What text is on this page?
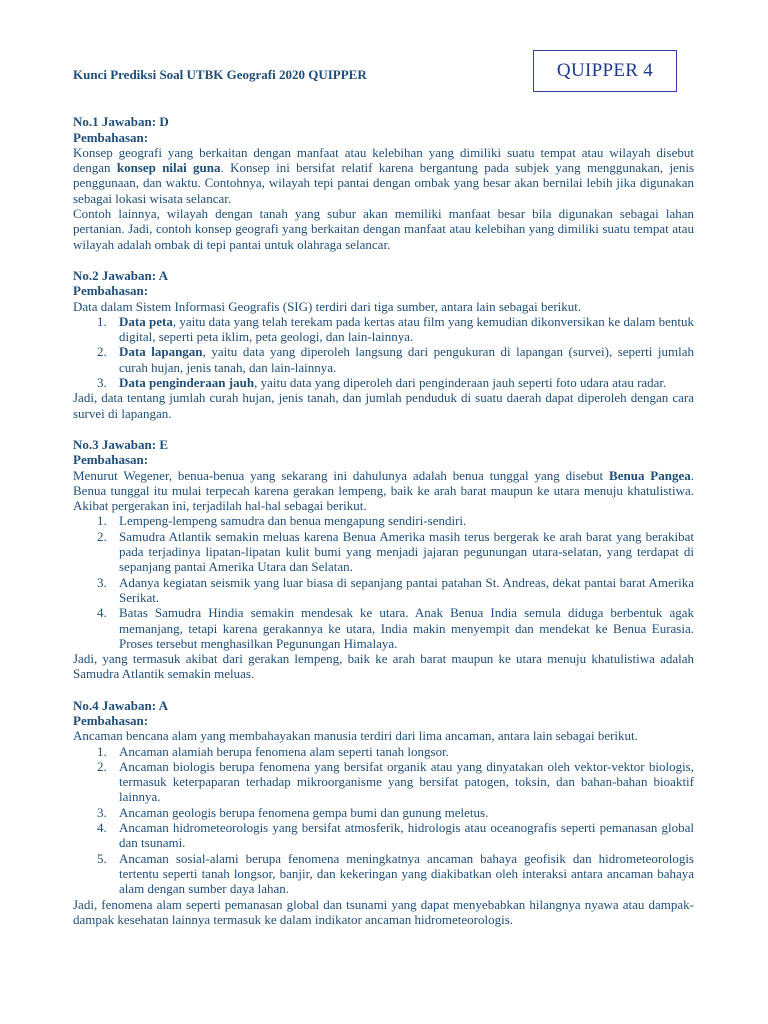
QUIPPER 4

Kunci Prediksi Soal UTBK Geografi 2020 QUIPPER

No.1 Jawaban: D

Pembahasan:

Konsep geografi yang berkaitan dengan manfaat atau kelebihan yang dimiliki suatu tempat atau wilayah disebut dengan konsep nilai guna. Konsep ini bersifat relatif karena bergantung pada subjek yang menggunakan, jenis penggunaan, dan waktu. Contohnya, wilayah tepi pantai dengan ombak yang besar akan bernilai lebih jika digunakan sebagai lokasi wisata selancar.

Contoh lainnya, wilayah dengan tanah yang subur akan memiliki manfaat besar bila digunakan sebagai lahan pertanian. Jadi, contoh konsep geografi yang berkaitan dengan manfaat atau kelebihan yang dimiliki suatu tempat atau wilayah adalah ombak di tepi pantai untuk olahraga selancar.

No.2 Jawaban: A

Pembahasan:

Data dalam Sistem Informasi Geografis (SIG) terdiri dari tiga sumber, antara lain sebagai berikut.

1. Data peta, yaitu data yang telah terekam pada kertas atau film yang kemudian dikonversikan ke dalam bentuk digital, seperti peta iklim, peta geologi, dan lain-lainnya.
2. Data lapangan, yaitu data yang diperoleh langsung dari pengukuran di lapangan (survei), seperti jumlah curah hujan, jenis tanah, dan lain-lainnya.
3. Data penginderaan jauh, yaitu data yang diperoleh dari penginderaan jauh seperti foto udara atau radar.

Jadi, data tentang jumlah curah hujan, jenis tanah, dan jumlah penduduk di suatu daerah dapat diperoleh dengan cara survei di lapangan.

No.3 Jawaban: E

Pembahasan:

Menurut Wegener, benua-benua yang sekarang ini dahulunya adalah benua tunggal yang disebut Benua Pangea. Benua tunggal itu mulai terpecah karena gerakan lempeng, baik ke arah barat maupun ke utara menuju khatulistiwa. Akibat pergerakan ini, terjadilah hal-hal sebagai berikut.

1. Lempeng-lempeng samudra dan benua mengapung sendiri-sendiri.
2. Samudra Atlantik semakin meluas karena Benua Amerika masih terus bergerak ke arah barat yang berakibat pada terjadinya lipatan-lipatan kulit bumi yang menjadi jajaran pegunungan utara-selatan, yang terdapat di sepanjang pantai Amerika Utara dan Selatan.
3. Adanya kegiatan seismik yang luar biasa di sepanjang pantai patahan St. Andreas, dekat pantai barat Amerika Serikat.
4. Batas Samudra Hindia semakin mendesak ke utara. Anak Benua India semula diduga berbentuk agak memanjang, tetapi karena gerakannya ke utara, India makin menyempit dan mendekat ke Benua Eurasia. Proses tersebut menghasilkan Pegunungan Himalaya.

Jadi, yang termasuk akibat dari gerakan lempeng, baik ke arah barat maupun ke utara menuju khatulistiwa adalah Samudra Atlantik semakin meluas.

No.4 Jawaban: A

Pembahasan:

Ancaman bencana alam yang membahayakan manusia terdiri dari lima ancaman, antara lain sebagai berikut.

1. Ancaman alamiah berupa fenomena alam seperti tanah longsor.
2. Ancaman biologis berupa fenomena yang bersifat organik atau yang dinyatakan oleh vektor-vektor biologis, termasuk keterpaparan terhadap mikroorganisme yang bersifat patogen, toksin, dan bahan-bahan bioaktif lainnya.
3. Ancaman geologis berupa fenomena gempa bumi dan gunung meletus.
4. Ancaman hidrometeorologis yang bersifat atmosferik, hidrologis atau oceanografis seperti pemanasan global dan tsunami.
5. Ancaman sosial-alami berupa fenomena meningkatnya ancaman bahaya geofisik dan hidrometeorologis tertentu seperti tanah longsor, banjir, dan kekeringan yang diakibatkan oleh interaksi antara ancaman bahaya alam dengan sumber daya lahan.

Jadi, fenomena alam seperti pemanasan global dan tsunami yang dapat menyebabkan hilangnya nyawa atau dampak-dampak kesehatan lainnya termasuk ke dalam indikator ancaman hidrometeorologis.
